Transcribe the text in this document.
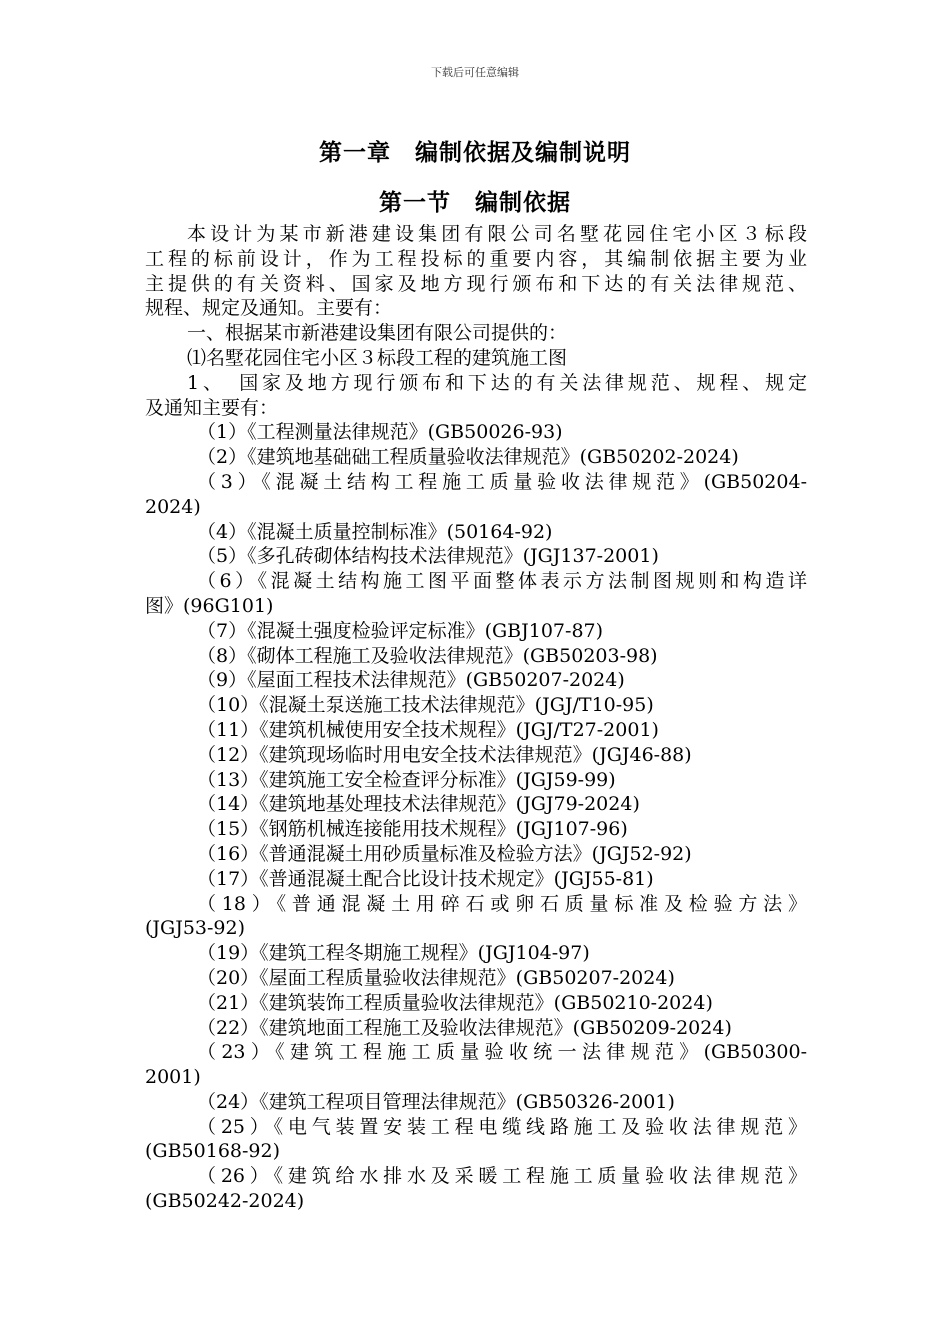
下载后可任意编辑
第一章　编制依据及编制说明
第一节　编制依据
本设计为某市新港建设集团有限公司名墅花园住宅小区３标段
工程的标前设计，作为工程投标的重要内容，其编制依据主要为业
主提供的有关资料、国家及地方现行颁布和下达的有关法律规范、
规程、规定及通知。主要有：
一、根据某市新港建设集团有限公司提供的：
⑴名墅花园住宅小区３标段工程的建筑施工图
1、　国家及地方现行颁布和下达的有关法律规范、规程、规定
及通知主要有：
（1）《工程测量法律规范》(GB50026-93)
（2）《建筑地基础础工程质量验收法律规范》(GB50202-2024)
（3）《混凝土结构工程施工质量验收法律规范》(GB50204-
2024)
（4）《混凝土质量控制标准》(50164-92)
（5）《多孔砖砌体结构技术法律规范》(JGJ137-2001)
（6）《混凝土结构施工图平面整体表示方法制图规则和构造详
图》(96G101)
（7）《混凝土强度检验评定标准》(GBJ107-87)
（8）《砌体工程施工及验收法律规范》(GB50203-98)
（9）《屋面工程技术法律规范》(GB50207-2024)
（10）《混凝土泵送施工技术法律规范》(JGJ/T10-95)
（11）《建筑机械使用安全技术规程》(JGJ/T27-2001)
（12）《建筑现场临时用电安全技术法律规范》(JGJ46-88)
（13）《建筑施工安全检查评分标准》(JGJ59-99)
（14）《建筑地基处理技术法律规范》(JGJ79-2024)
（15）《钢筋机械连接能用技术规程》(JGJ107-96)
（16）《普通混凝土用砂质量标准及检验方法》(JGJ52-92)
（17）《普通混凝土配合比设计技术规定》(JGJ55-81)
（18）《普通混凝土用碎石或卵石质量标准及检验方法》
(JGJ53-92)
（19）《建筑工程冬期施工规程》(JGJ104-97)
（20）《屋面工程质量验收法律规范》(GB50207-2024)
（21）《建筑装饰工程质量验收法律规范》(GB50210-2024)
（22）《建筑地面工程施工及验收法律规范》(GB50209-2024)
（23）《建筑工程施工质量验收统一法律规范》(GB50300-
2001)
（24）《建筑工程项目管理法律规范》(GB50326-2001)
（25）《电气装置安装工程电缆线路施工及验收法律规范》
(GB50168-92)
（26）《建筑给水排水及采暖工程施工质量验收法律规范》
(GB50242-2024)
